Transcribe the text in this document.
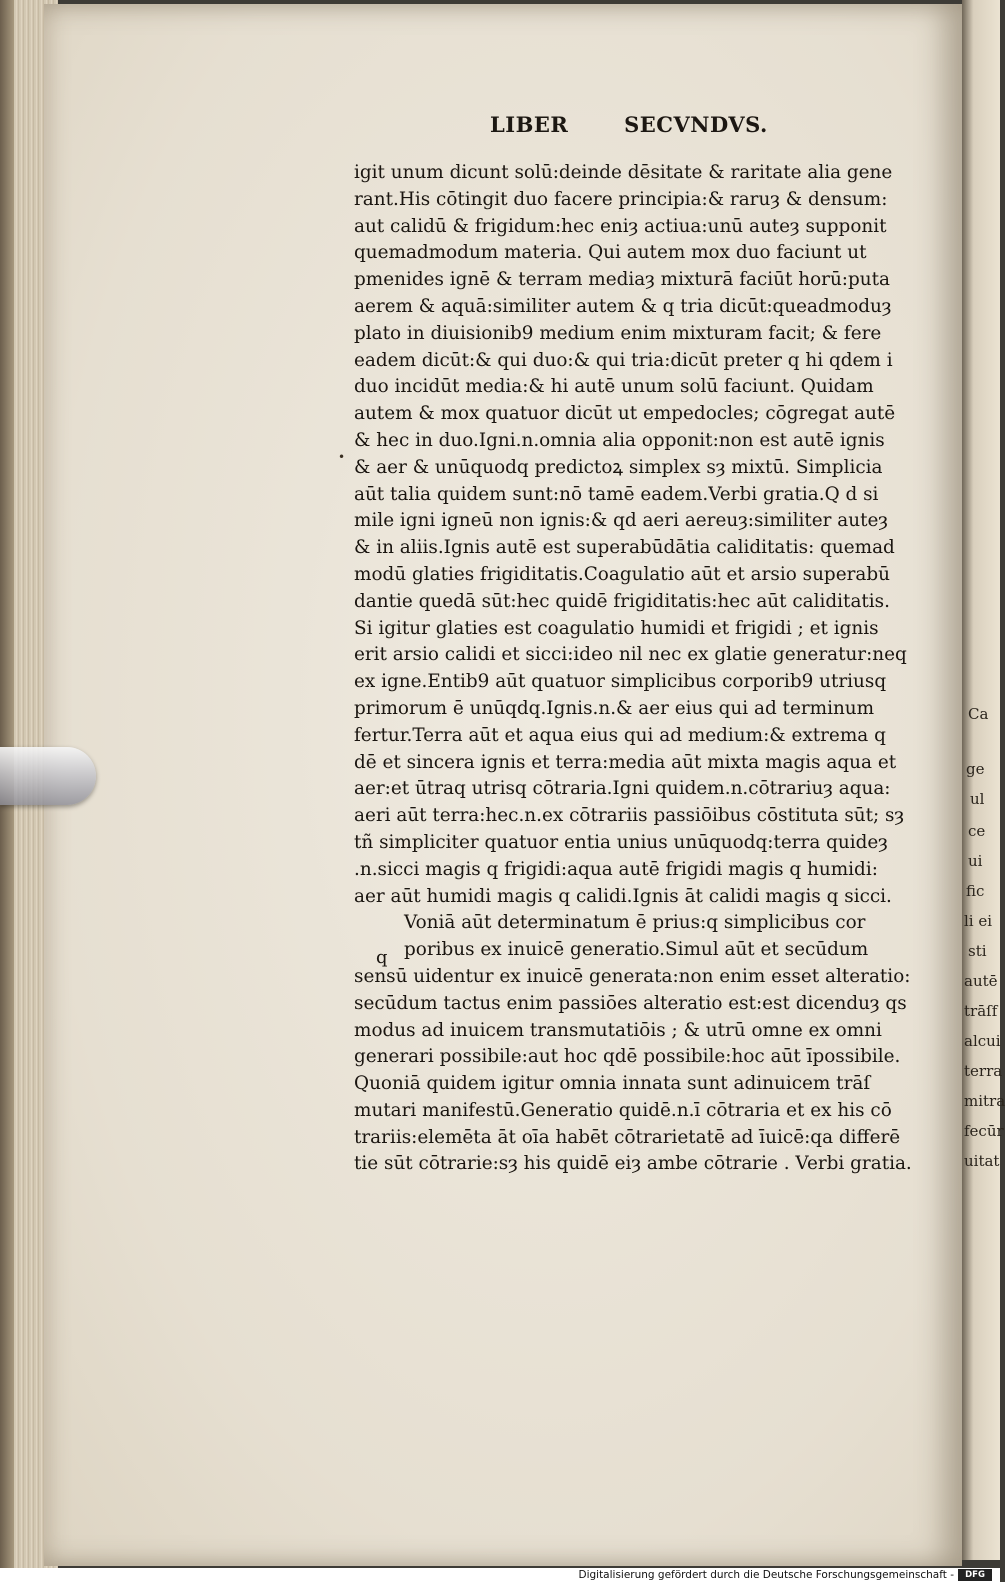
Ca
ge
ul
ce
ui
fic
li ei
sti
autē
trāſf
alcui
terra
mitra
fecūr
uitat
LIBER	SECVNDVS.
•
igit unum dicunt solū:deinde dēsitate & raritate alia gene
rant.His cōtingit duo facere principia:& raruȝ & densum:
aut calidū & frigidum:hec eniȝ actiua:unū auteȝ supponit
quemadmodum materia. Qui autem mox duo faciunt ut
pmenides ignē & terram mediaȝ mixturā faciūt horū:puta
aerem & aquā:similiter autem & q tria dicūt:queadmoduȝ
plato in diuisionib9 medium enim mixturam facit; & fere
eadem dicūt:& qui duo:& qui tria:dicūt preter q hi qdem i
duo incidūt media:& hi autē unum solū faciunt. Quidam
autem & mox quatuor dicūt ut empedocles; cōgregat autē
& hec in duo.Igni.n.omnia alia opponit:non est autē ignis
& aer & unūquodq predictoꝝ simplex sȝ mixtū. Simplicia
aūt talia quidem sunt:nō tamē eadem.Verbi gratia.Q d si
mile igni igneū non ignis:& qd aeri aereuȝ:similiter auteȝ
& in aliis.Ignis autē est superabūdātia caliditatis: quemad
modū glaties frigiditatis.Coagulatio aūt et arsio superabū
dantie quedā sūt:hec quidē frigiditatis:hec aūt caliditatis.
Si igitur glaties est coagulatio humidi et frigidi ; et ignis
erit arsio calidi et sicci:ideo nil nec ex glatie generatur:neq
ex igne.Entib9 aūt quatuor simplicibus corporib9 utriusq
primorum ē unūqdq.Ignis.n.& aer eius qui ad terminum
fertur.Terra aūt et aqua eius qui ad medium:& extrema q
dē et sincera ignis et terra:media aūt mixta magis aqua et
aer:et ūtraq utrisq cōtraria.Igni quidem.n.cōtrariuȝ aqua:
aeri aūt terra:hec.n.ex cōtrariis passiōibus cōstituta sūt; sȝ
tñ simpliciter quatuor entia unius unūquodq:terra quideȝ
.n.sicci magis q frigidi:aqua autē frigidi magis q humidi:
aer aūt humidi magis q calidi.Ignis āt calidi magis q sicci.
Voniā aūt determinatum ē prius:q simplicibus cor
poribus ex inuicē generatio.Simul aūt et secūdum
sensū uidentur ex inuicē generata:non enim esset alteratio:
secūdum tactus enim passiōes alteratio est:est dicenduȝ qs
modus ad inuicem transmutatiōis ; & utrū omne ex omni
generari possibile:aut hoc qdē possibile:hoc aūt īpossibile.
Quoniā quidem igitur omnia innata sunt adinuicem trāſ
mutari manifestū.Generatio quidē.n.ī cōtraria et ex his cō
trariis:elemēta āt oīa habēt cōtrarietatē ad īuicē:qa differē
tie sūt cōtrarie:sȝ his quidē eiȝ ambe cōtrarie . Verbi gratia.
q
Digitalisierung gefördert durch die Deutsche Forschungsgemeinschaft -	DFG
